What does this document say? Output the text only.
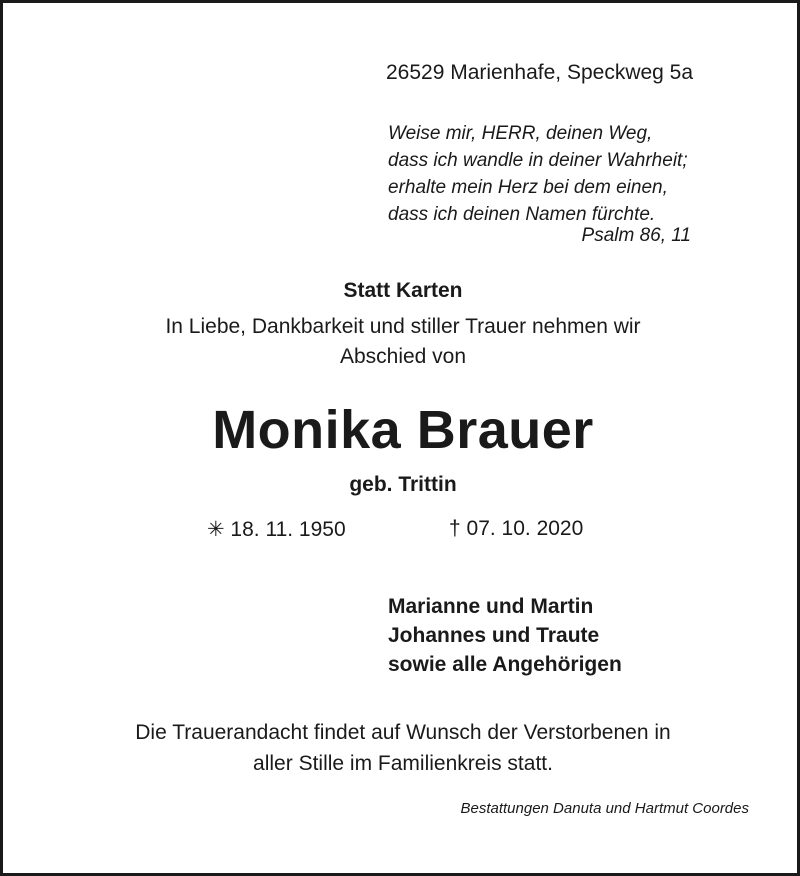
26529 Marienhafe, Speckweg 5a
Weise mir, HERR, deinen Weg,
dass ich wandle in deiner Wahrheit;
erhalte mein Herz bei dem einen,
dass ich deinen Namen fürchte.
Psalm 86, 11
Statt Karten
In Liebe, Dankbarkeit und stiller Trauer nehmen wir
Abschied von
Monika Brauer
geb. Trittin
✳ 18. 11. 1950	† 07. 10. 2020
Marianne und Martin
Johannes und Traute
sowie alle Angehörigen
Die Trauerandacht findet auf Wunsch der Verstorbenen in
aller Stille im Familienkreis statt.
Bestattungen Danuta und Hartmut Coordes
